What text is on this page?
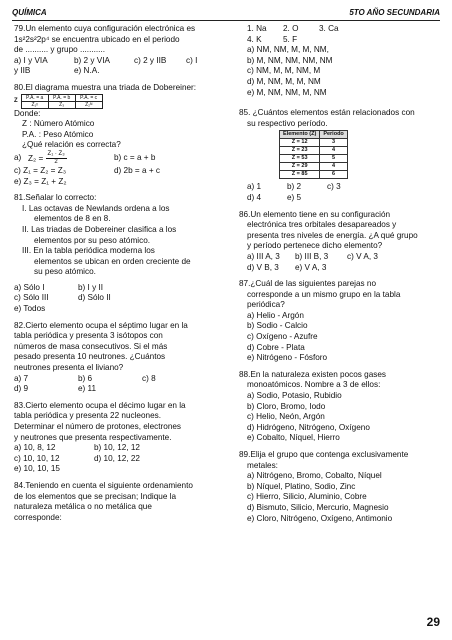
QUÍMICA	5TO AÑO SECUNDARIA

79.Un elemento cuya configuración electrónica es

1s²2s²2p⁴ se encuentra ubicado en el periodo

de .......... y grupo ...........

a) I y VIA	b) 2 y VIA	c) 2 y IIB	c) I
y IIB	e) N.A.

80.El diagrama muestra una triada de Dobereiner:

Z
P.A. = a	P.A. = b	P.A. = c
Z₁ᵡ	Z₃	Z₂ᴺ

Donde:

Z : Número Atómico

P.A. : Peso Atómico

¿Qué relación es correcta?

a) $Z_2 = \frac{\text{Z₁ · Z₃}}{2}$	b) c = a + b
c) Z₁ = Z₂ = Z₃	d) 2b = a + c
e) Z₃ = Z₁ + Z₂

81.Señalar lo correcto:

I. Las octavas de Newlands ordena a los

elementos de 8 en 8.

II. Las triadas de Dobereiner clasifica a los

elementos por su peso atómico.

III. En la tabla periódica moderna los

elementos se ubican en orden creciente de

su peso atómico.

a) Sólo I	b) I y II
c) Sólo III	d) Sólo II
e) Todos

82.Cierto elemento ocupa el séptimo lugar en la

tabla periódica y presenta 3 isótopos con

números de masa consecutivos. Si el más

pesado presenta 10 neutrones. ¿Cuántos

neutrones presenta el liviano?

a) 7	b) 6	c) 8
d) 9	e) 11

83.Cierto elemento ocupa el décimo lugar en la

tabla periódica y presenta 22 nucleones.

Determinar el número de protones, electrones

y neutrones que presenta respectivamente.

a) 10, 8, 12	b) 10, 12, 12
c) 10, 10, 12	d) 10, 12, 22
e) 10, 10, 15

84.Teniendo en cuenta el siguiente ordenamiento

de los elementos que se precisan; Indique la

naturaleza metálica o no metálica que

corresponde:

1. Na	2. O	3. Ca
4. K	5. F

a) NM, NM, M, M, NM,

b) M, NM, NM, NM, NM

c) NM, M, M, NM, M

d) M, NM, M, M, NM

e) M, NM, NM, M, NM

85. ¿Cuántos elementos están relacionados con

su respectivo período.

Elemento (Z)	Periodo
Z = 12	3
Z = 23	4
Z = 53	5
Z = 29	4
Z = 85	6
a) 1	b) 2	c) 3
d) 4	e) 5

86.Un elemento tiene en su configuración

electrónica tres orbitales desapareados y

presenta tres niveles de energía. ¿A qué grupo

y período pertenece dicho elemento?

a) III A, 3	b) III B, 3	c) V A, 3
d) V B, 3	e) V A, 3

87.¿Cuál de las siguientes parejas no

corresponde a un mismo grupo en la tabla

periódica?

a) Helio - Argón

b) Sodio - Calcio

c) Oxígeno - Azufre

d) Cobre - Plata

e) Nitrógeno - Fósforo

88.En la naturaleza existen pocos gases

monoatómicos. Nombre a 3 de ellos:

a) Sodio, Potasio, Rubidio

b) Cloro, Bromo, Iodo

c) Helio, Neón, Argón

d) Hidrógeno, Nitrógeno, Oxígeno

e) Cobalto, Níquel, Hierro

89.Elija el grupo que contenga exclusivamente

metales:

a) Nitrógeno, Bromo, Cobalto, Níquel

b) Níquel, Platino, Sodio, Zinc

c) Hierro, Silicio, Aluminio, Cobre

d) Bismuto, Silicio, Mercurio, Magnesio

e) Cloro, Nitrógeno, Oxígeno, Antimonio

29
